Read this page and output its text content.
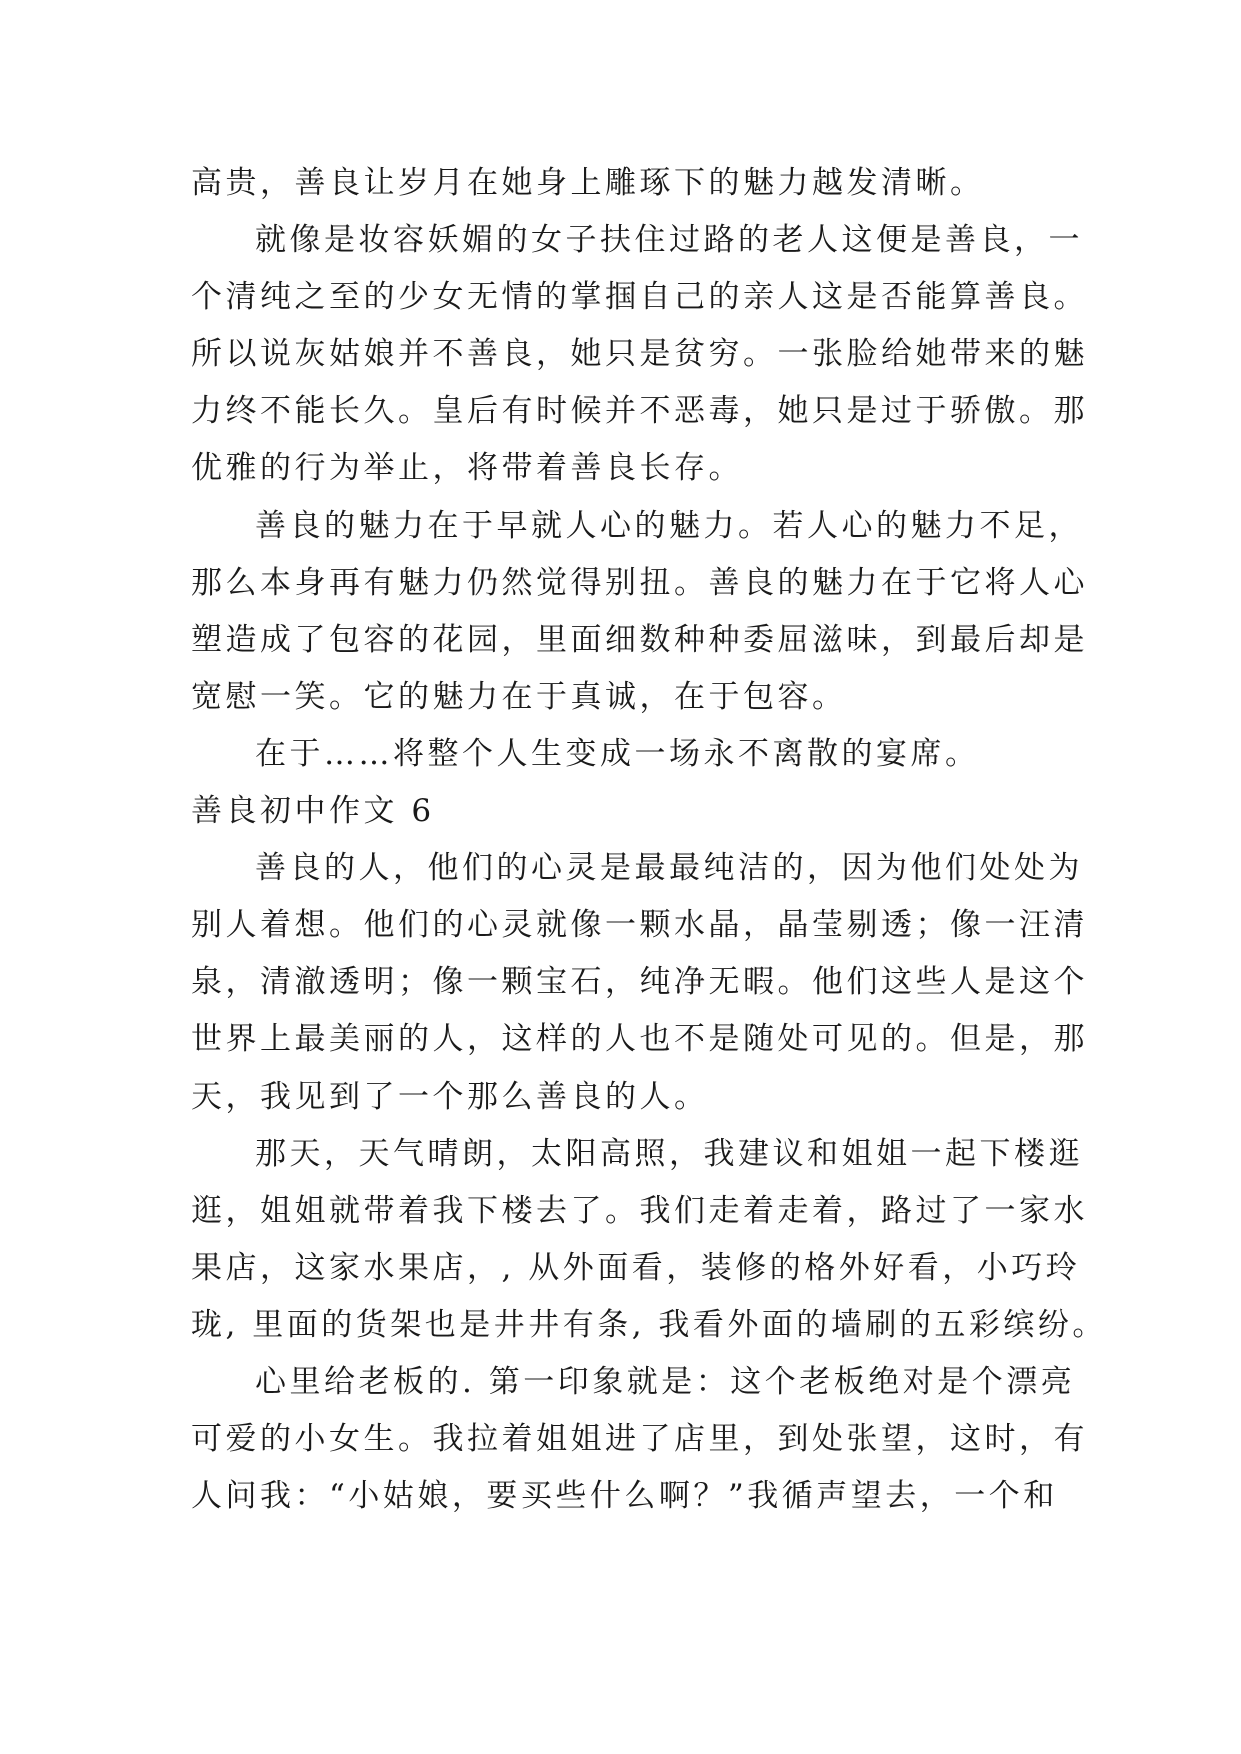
高贵，善良让岁月在她身上雕琢下的魅力越发清晰。
就像是妆容妖媚的女子扶住过路的老人这便是善良，一
个清纯之至的少女无情的掌掴自己的亲人这是否能算善良。
所以说灰姑娘并不善良，她只是贫穷。一张脸给她带来的魅
力终不能长久。皇后有时候并不恶毒，她只是过于骄傲。那
优雅的行为举止，将带着善良长存。
善良的魅力在于早就人心的魅力。若人心的魅力不足，
那么本身再有魅力仍然觉得别扭。善良的魅力在于它将人心
塑造成了包容的花园，里面细数种种委屈滋味，到最后却是
宽慰一笑。它的魅力在于真诚，在于包容。
在于……将整个人生变成一场永不离散的宴席。
善良初中作文 6
善良的人，他们的心灵是最最纯洁的，因为他们处处为
别人着想。他们的心灵就像一颗水晶，晶莹剔透；像一汪清
泉，清澈透明；像一颗宝石，纯净无暇。他们这些人是这个
世界上最美丽的人，这样的人也不是随处可见的。但是，那
天，我见到了一个那么善良的人。
那天，天气晴朗，太阳高照，我建议和姐姐一起下楼逛
逛，姐姐就带着我下楼去了。我们走着走着，路过了一家水
果店，这家水果店，, 从外面看，装修的格外好看，小巧玲
珑, 里面的货架也是井井有条, 我看外面的墙刷的五彩缤纷。
心里给老板的. 第一印象就是：这个老板绝对是个漂亮
可爱的小女生。我拉着姐姐进了店里，到处张望，这时，有
人问我：“小姑娘，要买些什么啊？”我循声望去，一个和
